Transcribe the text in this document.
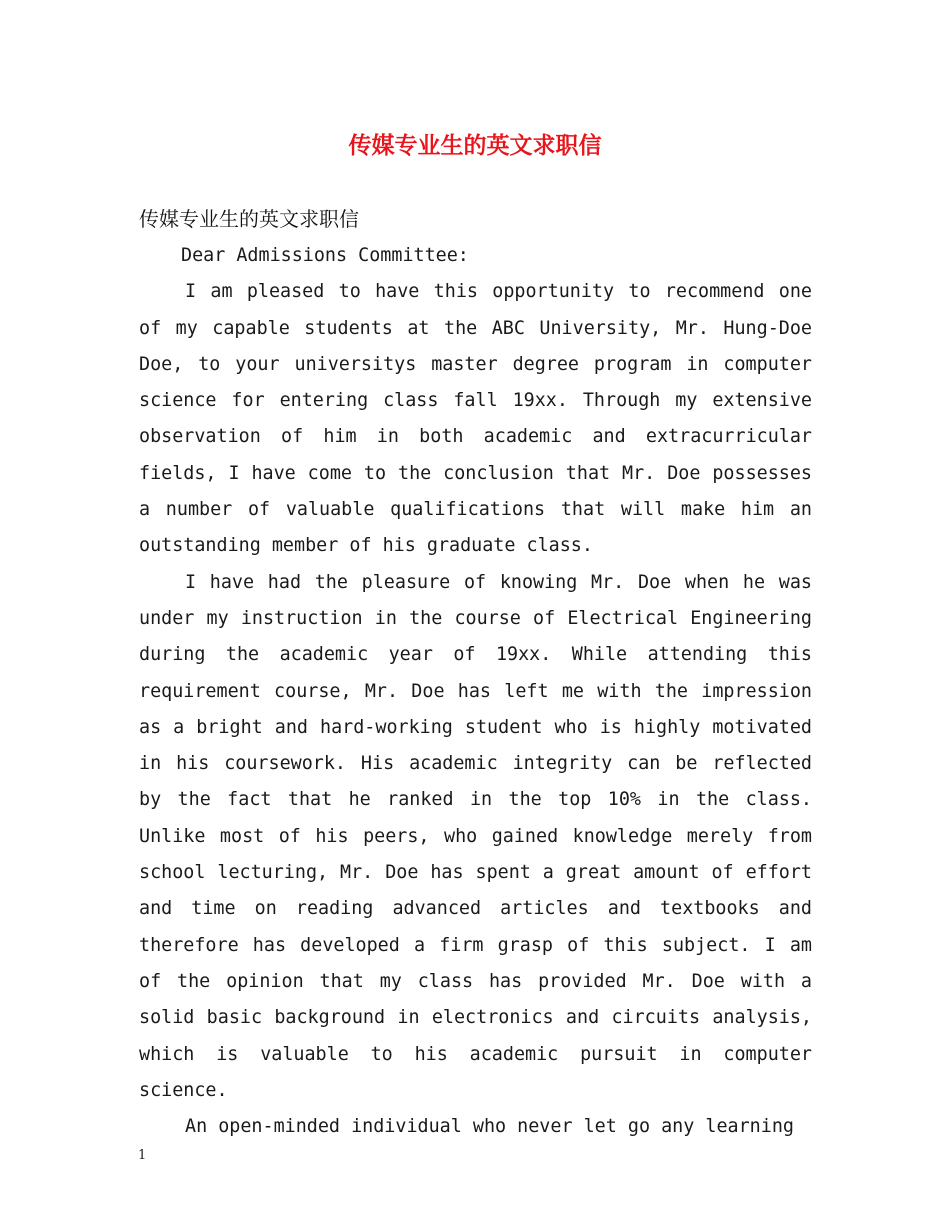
传媒专业生的英文求职信
传媒专业生的英文求职信

Dear Admissions Committee:

I am pleased to have this opportunity to recommend one of my capable students at the ABC University, Mr. Hung-Doe Doe, to your universitys master degree program in computer science for entering class fall 19xx. Through my extensive observation of him in both academic and extracurricular fields, I have come to the conclusion that Mr. Doe possesses a number of valuable qualifications that will make him an outstanding member of his graduate class.

I have had the pleasure of knowing Mr. Doe when he was under my instruction in the course of Electrical Engineering during the academic year of 19xx. While attending this requirement course, Mr. Doe has left me with the impression as a bright and hard-working student who is highly motivated in his coursework. His academic integrity can be reflected by the fact that he ranked in the top 10% in the class. Unlike most of his peers, who gained knowledge merely from school lecturing, Mr. Doe has spent a great amount of effort and time on reading advanced articles and textbooks and therefore has developed a firm grasp of this subject. I am of the opinion that my class has provided Mr. Doe with a solid basic background in electronics and circuits analysis, which is valuable to his academic pursuit in computer science.

An open-minded individual who never let go any learning

1
